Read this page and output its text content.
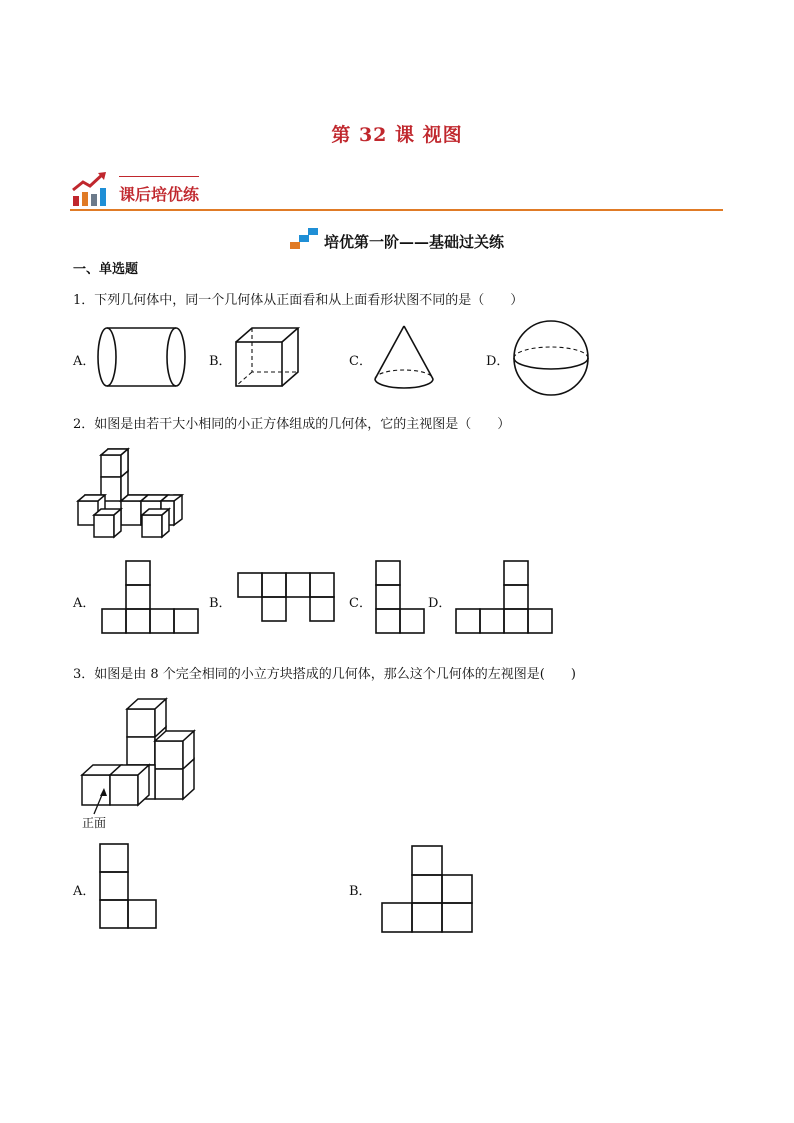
第 32 课 视图
课后培优练
培优第一阶——基础过关练
一、单选题
1．下列几何体中，同一个几何体从正面看和从上面看形状图不同的是（　　）
A．	B．	C．	D．
2．如图是由若干大小相同的小正方体组成的几何体，它的主视图是（　　）
A．	B．	C．	D．
3．如图是由 8 个完全相同的小立方块搭成的几何体，那么这个几何体的左视图是(　　)
正面
A．	B．
